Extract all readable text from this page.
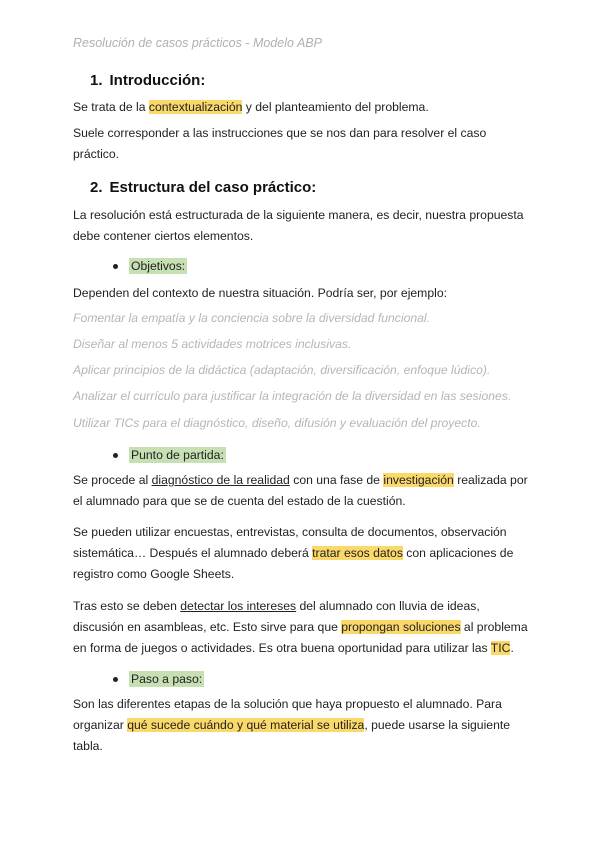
Resolución de casos prácticos - Modelo ABP
1. Introducción:

Se trata de la contextualización y del planteamiento del problema.

Suele corresponder a las instrucciones que se nos dan para resolver el caso práctico.

2. Estructura del caso práctico:

La resolución está estructurada de la siguiente manera, es decir, nuestra propuesta debe contener ciertos elementos.

Objetivos:

Dependen del contexto de nuestra situación. Podría ser, por ejemplo:

Fomentar la empatía y la conciencia sobre la diversidad funcional.
Diseñar al menos 5 actividades motrices inclusivas.
Aplicar principios de la didáctica (adaptación, diversificación, enfoque lúdico).
Analizar el currículo para justificar la integración de la diversidad en las sesiones.
Utilizar TICs para el diagnóstico, diseño, difusión y evaluación del proyecto.
Punto de partida:

Se procede al diagnóstico de la realidad con una fase de investigación realizada por el alumnado para que se de cuenta del estado de la cuestión.

Se pueden utilizar encuestas, entrevistas, consulta de documentos, observación sistemática… Después el alumnado deberá tratar esos datos con aplicaciones de registro como Google Sheets.

Tras esto se deben detectar los intereses del alumnado con lluvia de ideas, discusión en asambleas, etc. Esto sirve para que propongan soluciones al problema en forma de juegos o actividades. Es otra buena oportunidad para utilizar las TIC.

Paso a paso:

Son las diferentes etapas de la solución que haya propuesto el alumnado. Para organizar qué sucede cuándo y qué material se utiliza, puede usarse la siguiente tabla.
